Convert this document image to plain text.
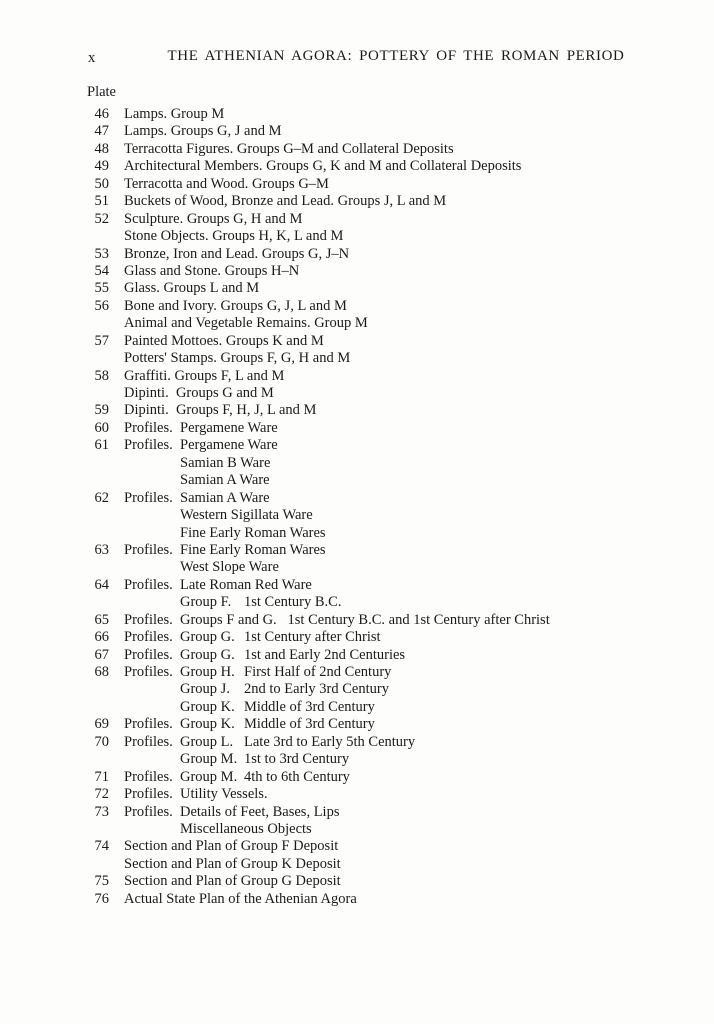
x	THE ATHENIAN AGORA: POTTERY OF THE ROMAN PERIOD
Plate
46 Lamps. Group M
47 Lamps. Groups G, J and M
48 Terracotta Figures. Groups G–M and Collateral Deposits
49 Architectural Members. Groups G, K and M and Collateral Deposits
50 Terracotta and Wood. Groups G–M
51 Buckets of Wood, Bronze and Lead. Groups J, L and M
52 Sculpture. Groups G, H and M
Stone Objects. Groups H, K, L and M
53 Bronze, Iron and Lead. Groups G, J–N
54 Glass and Stone. Groups H–N
55 Glass. Groups L and M
56 Bone and Ivory. Groups G, J, L and M
Animal and Vegetable Remains. Group M
57 Painted Mottoes. Groups K and M
Potters' Stamps. Groups F, G, H and M
58 Graffiti. Groups F, L and M
Dipinti.  Groups G and M
59 Dipinti.  Groups F, H, J, L and M
60 Profiles. Pergamene Ware
61 Profiles. Pergamene Ware
Samian B Ware
Samian A Ware
62 Profiles. Samian A Ware
Western Sigillata Ware
Fine Early Roman Wares
63 Profiles. Fine Early Roman Wares
West Slope Ware
64 Profiles. Late Roman Red Ware
Group F. 1st Century B.C.
65 Profiles. Groups F and G.   1st Century B.C. and 1st Century after Christ
66 Profiles. Group G. 1st Century after Christ
67 Profiles. Group G. 1st and Early 2nd Centuries
68 Profiles. Group H. First Half of 2nd Century
Group J. 2nd to Early 3rd Century
Group K. Middle of 3rd Century
69 Profiles. Group K. Middle of 3rd Century
70 Profiles. Group L. Late 3rd to Early 5th Century
Group M. 1st to 3rd Century
71 Profiles. Group M. 4th to 6th Century
72 Profiles. Utility Vessels.
73 Profiles. Details of Feet, Bases, Lips
Miscellaneous Objects
74 Section and Plan of Group F Deposit
Section and Plan of Group K Deposit
75 Section and Plan of Group G Deposit
76 Actual State Plan of the Athenian Agora
